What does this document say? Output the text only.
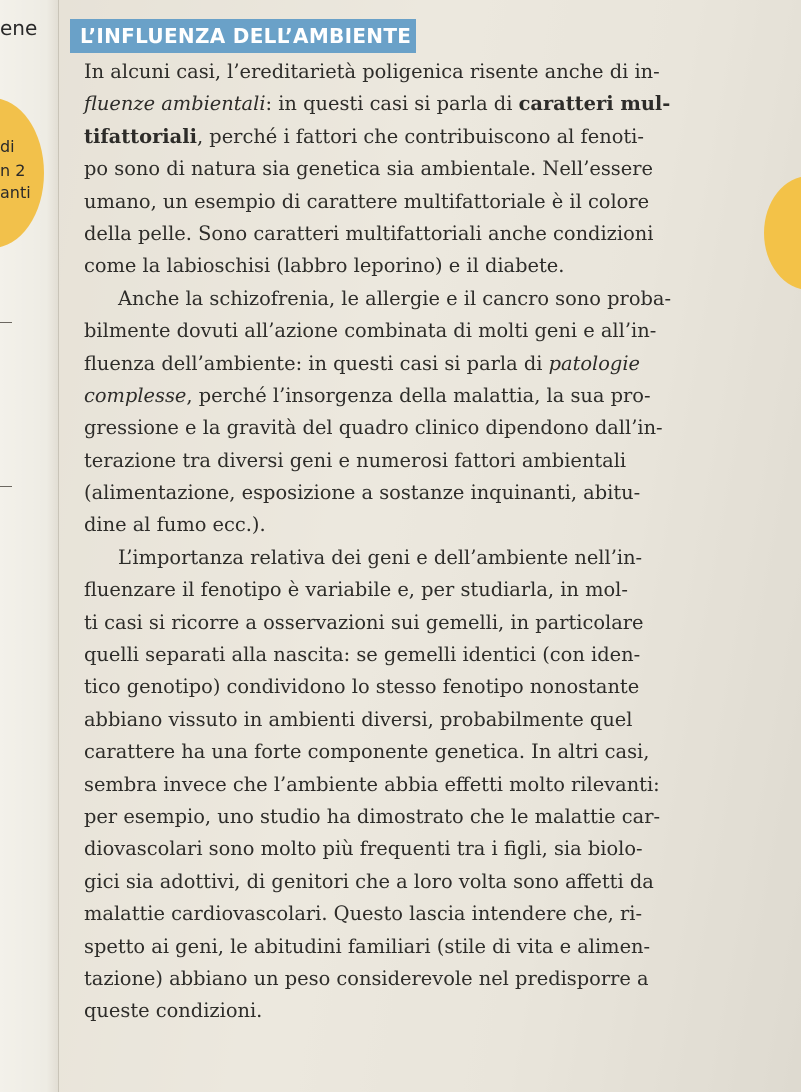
ene
di
n 2
anti
L’INFLUENZA DELL’AMBIENTE
In alcuni casi, l’ereditarietà poligenica risente anche di in-
fluenze ambientali: in questi casi si parla di caratteri mul-
tifattoriali, perché i fattori che contribuiscono al fenoti-
po sono di natura sia genetica sia ambientale. Nell’essere
umano, un esempio di carattere multifattoriale è il colore
della pelle. Sono caratteri multifattoriali anche condizioni
come la labioschisi (labbro leporino) e il diabete.
Anche la schizofrenia, le allergie e il cancro sono proba-
bilmente dovuti all’azione combinata di molti geni e all’in-
fluenza dell’ambiente: in questi casi si parla di patologie
complesse, perché l’insorgenza della malattia, la sua pro-
gressione e la gravità del quadro clinico dipendono dall’in-
terazione tra diversi geni e numerosi fattori ambientali
(alimentazione, esposizione a sostanze inquinanti, abitu-
dine al fumo ecc.).
L’importanza relativa dei geni e dell’ambiente nell’in-
fluenzare il fenotipo è variabile e, per studiarla, in mol-
ti casi si ricorre a osservazioni sui gemelli, in particolare
quelli separati alla nascita: se gemelli identici (con iden-
tico genotipo) condividono lo stesso fenotipo nonostante
abbiano vissuto in ambienti diversi, probabilmente quel
carattere ha una forte componente genetica. In altri casi,
sembra invece che l’ambiente abbia effetti molto rilevanti:
per esempio, uno studio ha dimostrato che le malattie car-
diovascolari sono molto più frequenti tra i figli, sia biolo-
gici sia adottivi, di genitori che a loro volta sono affetti da
malattie cardiovascolari. Questo lascia intendere che, ri-
spetto ai geni, le abitudini familiari (stile di vita e alimen-
tazione) abbiano un peso considerevole nel predisporre a
queste condizioni.
